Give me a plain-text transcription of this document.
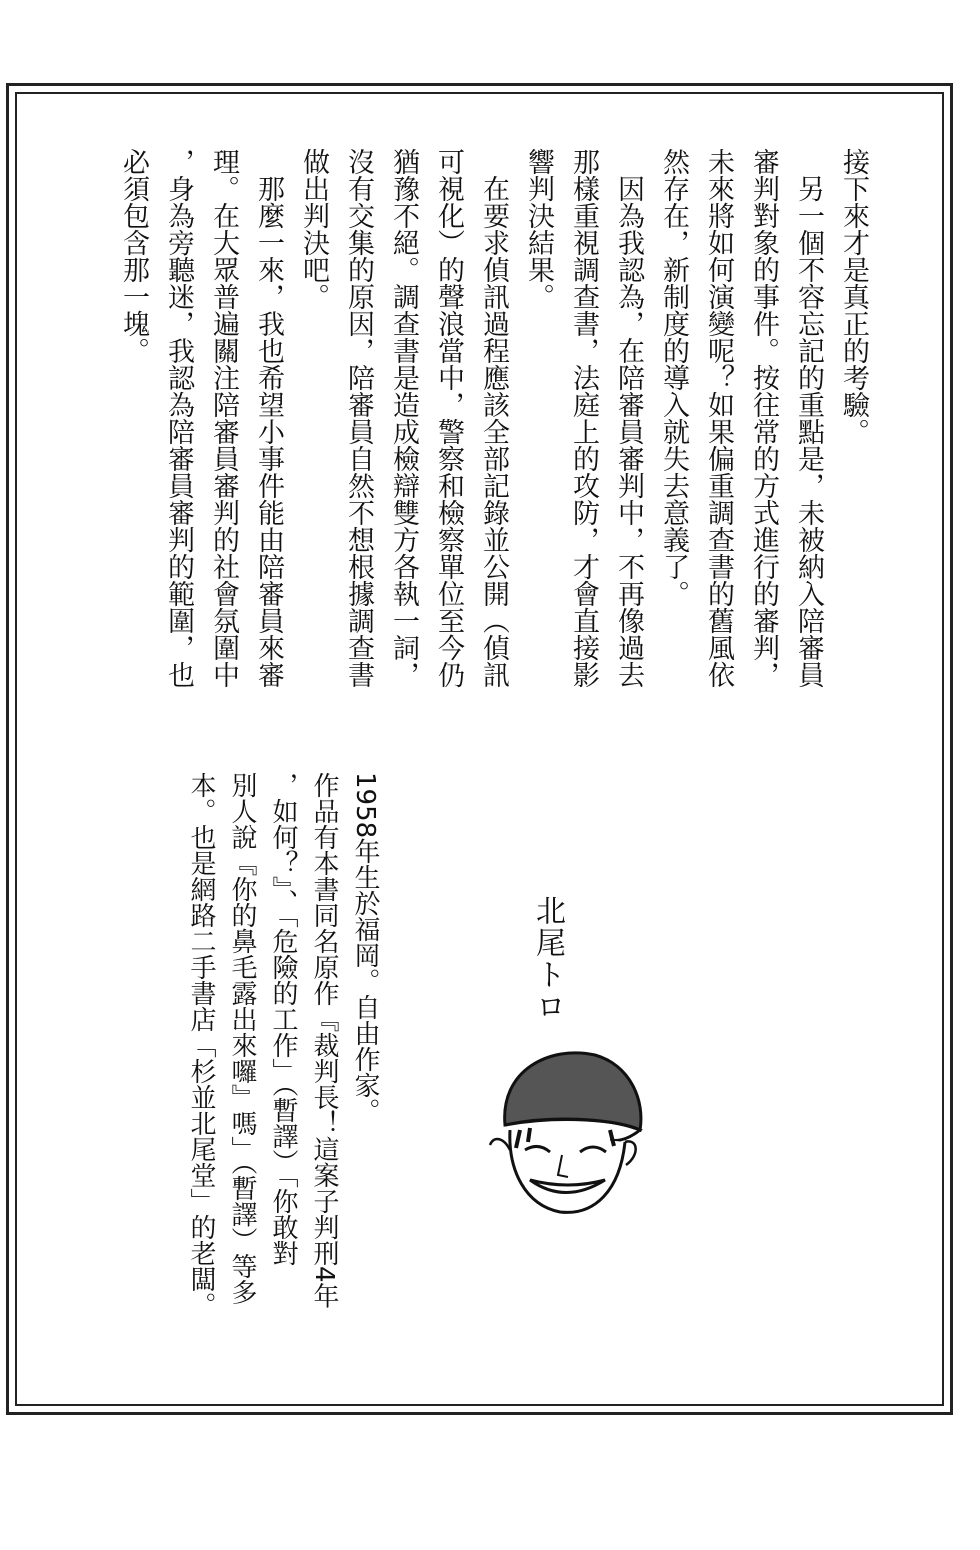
接下來才是真正的考驗。
另一個不容忘記的重點是，未被納入陪審員
審判對象的事件。按往常的方式進行的審判，
未來將如何演變呢？如果偏重調查書的舊風依
然存在，新制度的導入就失去意義了。
因為我認為，在陪審員審判中，不再像過去
那樣重視調查書，法庭上的攻防，才會直接影
響判決結果。
在要求偵訊過程應該全部記錄並公開（偵訊
可視化）的聲浪當中，警察和檢察單位至今仍
猶豫不絕。調查書是造成檢辯雙方各執一詞，
沒有交集的原因，陪審員自然不想根據調查書
做出判決吧。
那麼一來，我也希望小事件能由陪審員來審
理。在大眾普遍關注陪審員審判的社會氛圍中
，身為旁聽迷，我認為陪審員審判的範圍，也
必須包含那一塊。
北尾トロ
1958年生於福岡。自由作家。
作品有本書同名原作『裁判長！這案子判刑4年
，如何？』、「危險的工作」（暫譯）「你敢對
別人說『你的鼻毛露出來囉』嗎」（暫譯）等多
本。也是網路二手書店「杉並北尾堂」的老闆。
